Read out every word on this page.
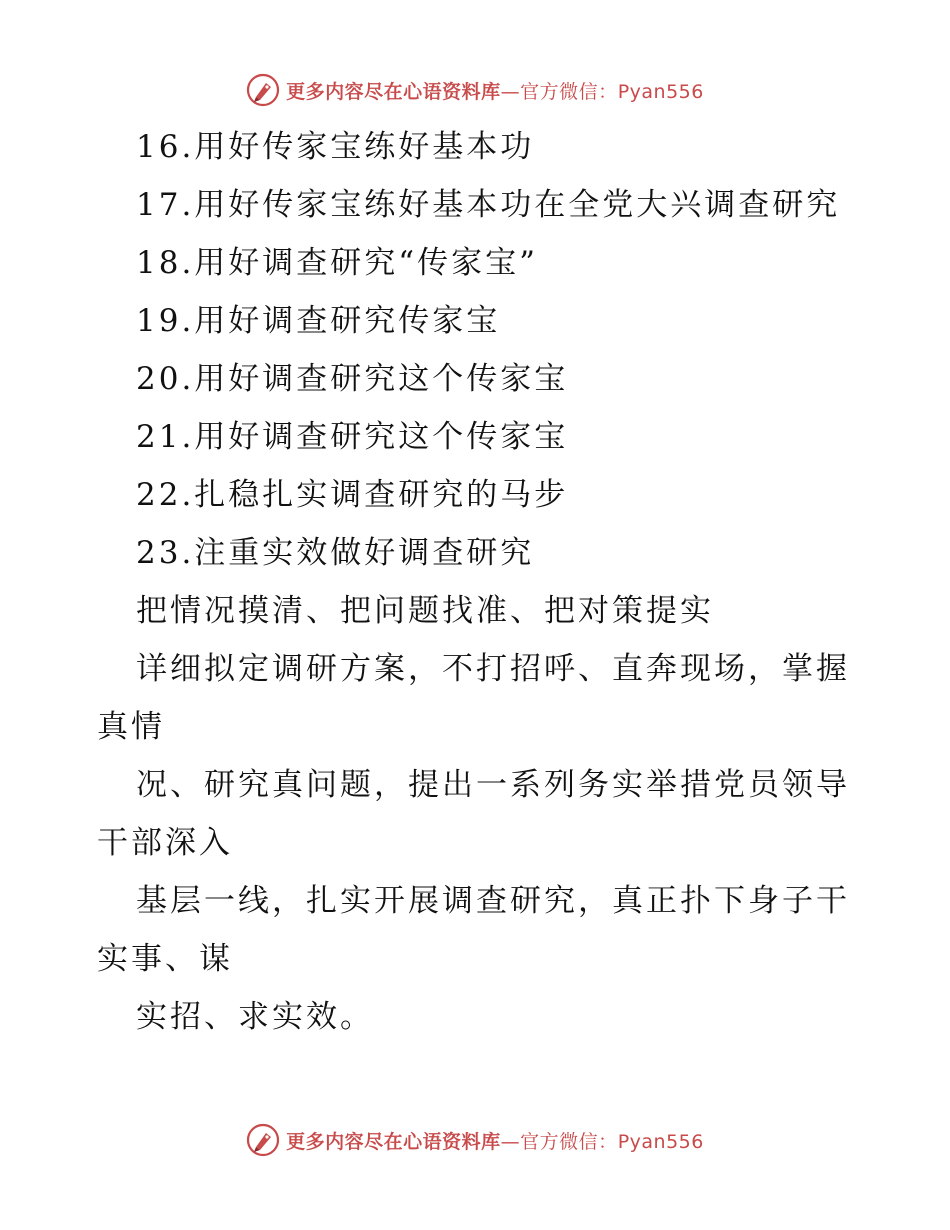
更多内容尽在心语资料库—官方微信：Pyan556
16.用好传家宝练好基本功
17.用好传家宝练好基本功在全党大兴调查研究
18.用好调查研究“传家宝”
19.用好调查研究传家宝
20.用好调查研究这个传家宝
21.用好调查研究这个传家宝
22.扎稳扎实调查研究的马步
23.注重实效做好调查研究
把情况摸清、把问题找准、把对策提实
详细拟定调研方案，不打招呼、直奔现场，掌握
真情
况、研究真问题，提出一系列务实举措党员领导
干部深入
基层一线，扎实开展调查研究，真正扑下身子干
实事、谋
实招、求实效。
更多内容尽在心语资料库—官方微信：Pyan556
